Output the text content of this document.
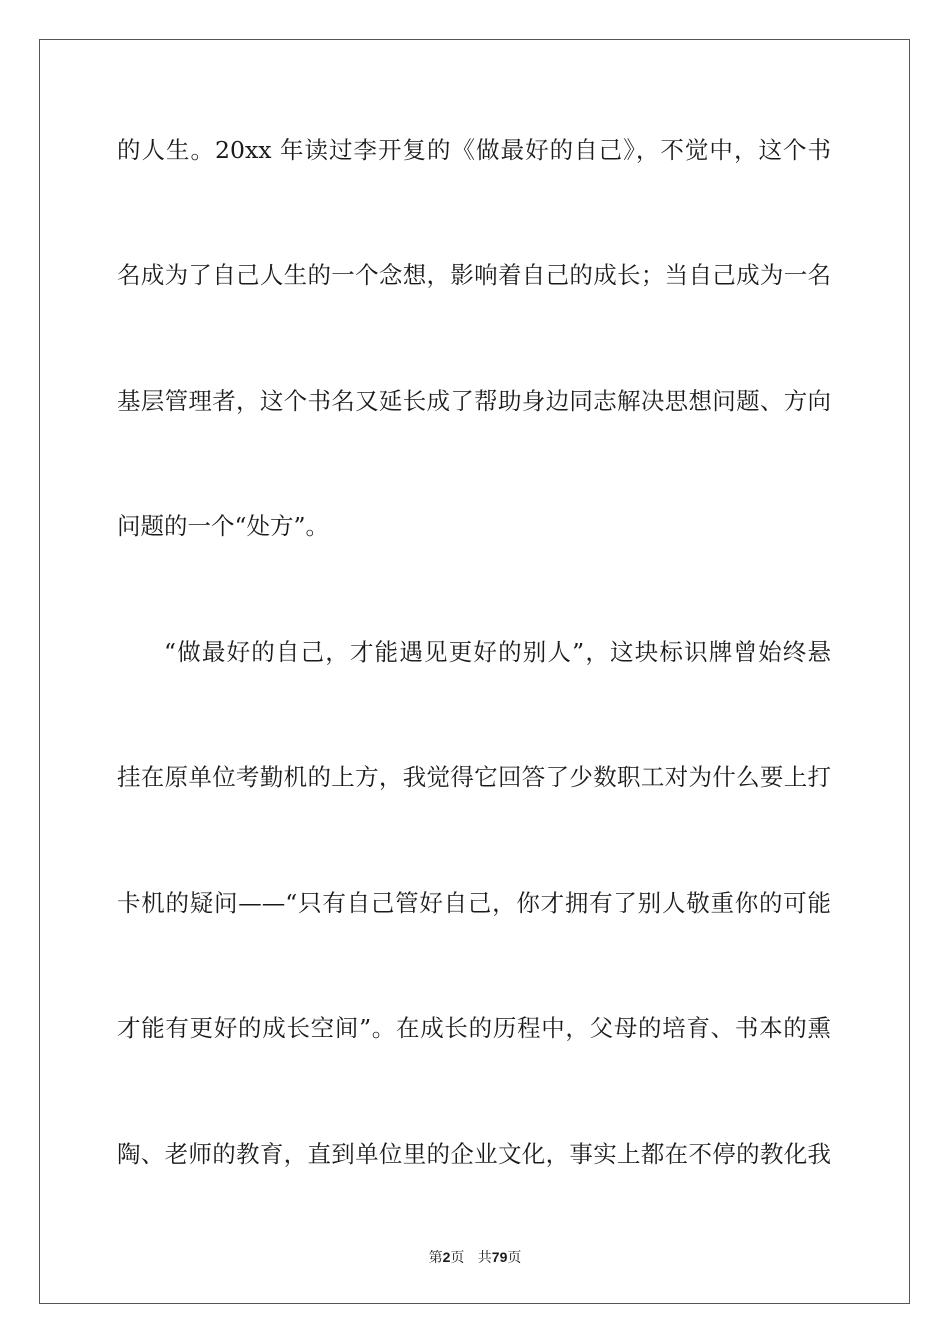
的人生。20xx 年读过李开复的《做最好的自己》，不觉中，这个书
名成为了自己人生的一个念想，影响着自己的成长；当自己成为一名
基层管理者，这个书名又延长成了帮助身边同志解决思想问题、方向
问题的一个“处方”。
“做最好的自己，才能遇见更好的别人”，这块标识牌曾始终悬
挂在原单位考勤机的上方，我觉得它回答了少数职工对为什么要上打
卡机的疑问——“只有自己管好自己，你才拥有了别人敬重你的可能
才能有更好的成长空间”。在成长的历程中，父母的培育、书本的熏
陶、老师的教育，直到单位里的企业文化，事实上都在不停的教化我
第2页 共79页
